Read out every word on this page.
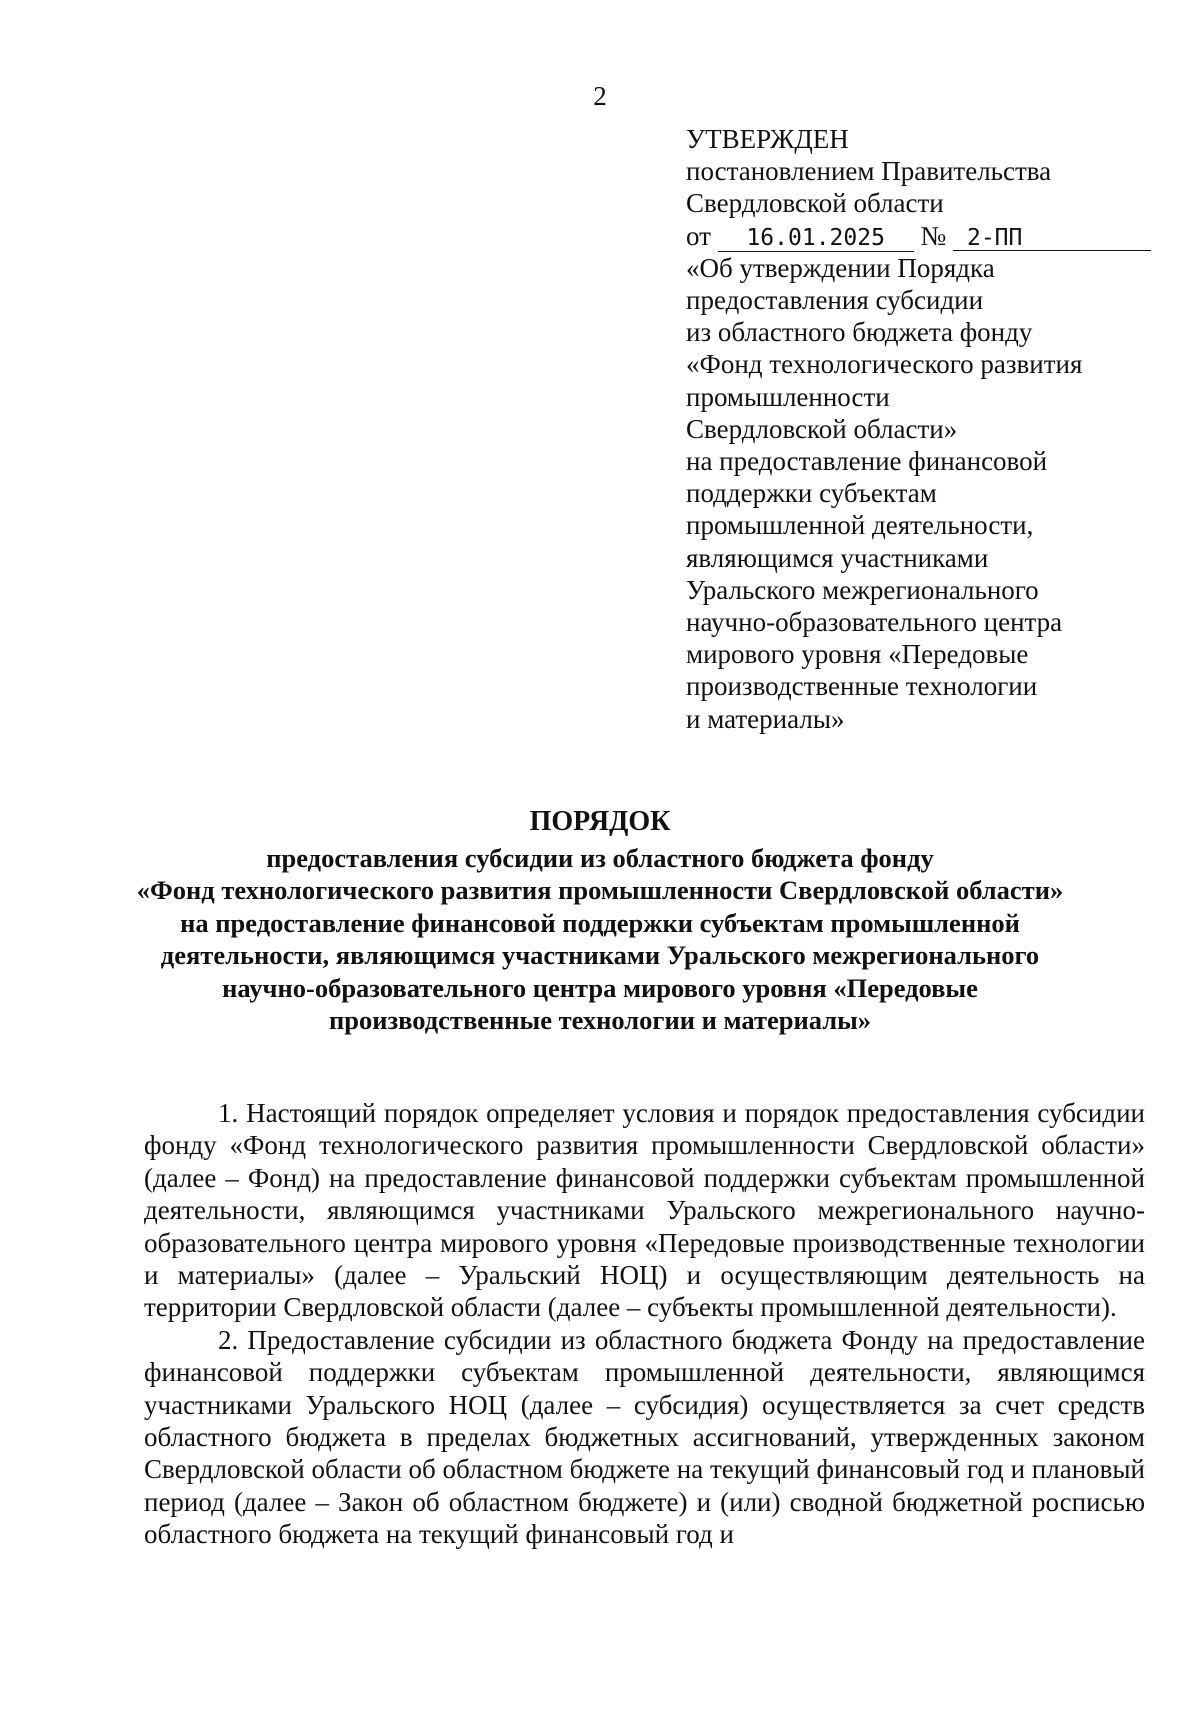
2
УТВЕРЖДЕН
постановлением Правительства
Свердловской области
от 16.01.2025 № 2-ПП
«Об утверждении Порядка
предоставления субсидии
из областного бюджета фонду
«Фонд технологического развития
промышленности
Свердловской области»
на предоставление финансовой
поддержки субъектам
промышленной деятельности,
являющимся участниками
Уральского межрегионального
научно-образовательного центра
мирового уровня «Передовые
производственные технологии
и материалы»
ПОРЯДОК
предоставления субсидии из областного бюджета фонду
«Фонд технологического развития промышленности Свердловской области»
на предоставление финансовой поддержки субъектам промышленной
деятельности, являющимся участниками Уральского межрегионального
научно-образовательного центра мирового уровня «Передовые
производственные технологии и материалы»

1. Настоящий порядок определяет условия и порядок предоставления субсидии фонду «Фонд технологического развития промышленности Свердловской области» (далее – Фонд) на предоставление финансовой поддержки субъектам промышленной деятельности, являющимся участниками Уральского межрегионального научно-образовательного центра мирового уровня «Передовые производственные технологии и материалы» (далее – Уральский НОЦ) и осуществляющим деятельность на территории Свердловской области (далее – субъекты промышленной деятельности).

2. Предоставление субсидии из областного бюджета Фонду на предоставление финансовой поддержки субъектам промышленной деятельности, являющимся участниками Уральского НОЦ (далее – субсидия) осуществляется за счет средств областного бюджета в пределах бюджетных ассигнований, утвержденных законом Свердловской области об областном бюджете на текущий финансовый год и плановый период (далее – Закон об областном бюджете) и (или) сводной бюджетной росписью областного бюджета на текущий финансовый год и
